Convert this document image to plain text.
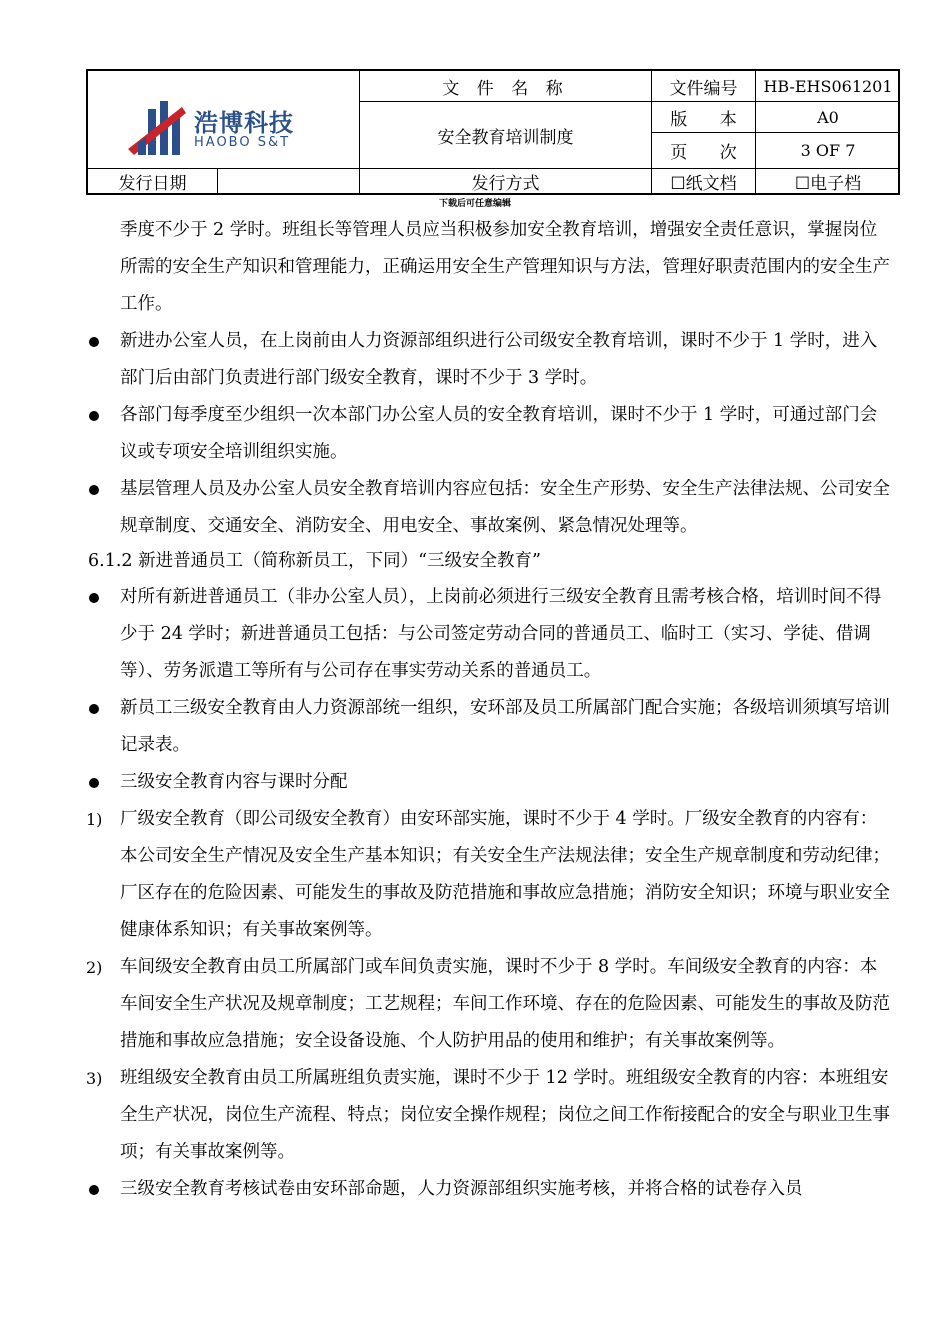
浩博科技
HAOBO S&T
文 件 名 称
安全教育培训制度
文件编号	HB-EHS061201
版      本	A0
页      次	3 OF 7
发行日期	发行方式	☐纸文档	☐电子档
下载后可任意编辑
季度不少于 2 学时。班组长等管理人员应当积极参加安全教育培训，增强安全责任意识，掌握岗位所需的安全生产知识和管理能力，正确运用安全生产管理知识与方法，管理好职责范围内的安全生产工作。
新进办公室人员，在上岗前由人力资源部组织进行公司级安全教育培训，课时不少于 1 学时，进入部门后由部门负责进行部门级安全教育，课时不少于 3 学时。
各部门每季度至少组织一次本部门办公室人员的安全教育培训，课时不少于 1 学时，可通过部门会议或专项安全培训组织实施。
基层管理人员及办公室人员安全教育培训内容应包括：安全生产形势、安全生产法律法规、公司安全规章制度、交通安全、消防安全、用电安全、事故案例、紧急情况处理等。
6.1.2 新进普通员工（简称新员工，下同）“三级安全教育”
对所有新进普通员工（非办公室人员），上岗前必须进行三级安全教育且需考核合格，培训时间不得少于 24 学时；新进普通员工包括：与公司签定劳动合同的普通员工、临时工（实习、学徒、借调等）、劳务派遣工等所有与公司存在事实劳动关系的普通员工。
新员工三级安全教育由人力资源部统一组织，安环部及员工所属部门配合实施；各级培训须填写培训记录表。
三级安全教育内容与课时分配
1) 厂级安全教育（即公司级安全教育）由安环部实施，课时不少于 4 学时。厂级安全教育的内容有：本公司安全生产情况及安全生产基本知识；有关安全生产法规法律；安全生产规章制度和劳动纪律；厂区存在的危险因素、可能发生的事故及防范措施和事故应急措施；消防安全知识；环境与职业安全健康体系知识；有关事故案例等。
2) 车间级安全教育由员工所属部门或车间负责实施，课时不少于 8 学时。车间级安全教育的内容：本车间安全生产状况及规章制度；工艺规程；车间工作环境、存在的危险因素、可能发生的事故及防范措施和事故应急措施；安全设备设施、个人防护用品的使用和维护；有关事故案例等。
3) 班组级安全教育由员工所属班组负责实施，课时不少于 12 学时。班组级安全教育的内容：本班组安全生产状况，岗位生产流程、特点；岗位安全操作规程；岗位之间工作衔接配合的安全与职业卫生事项；有关事故案例等。
三级安全教育考核试卷由安环部命题，人力资源部组织实施考核，并将合格的试卷存入员
